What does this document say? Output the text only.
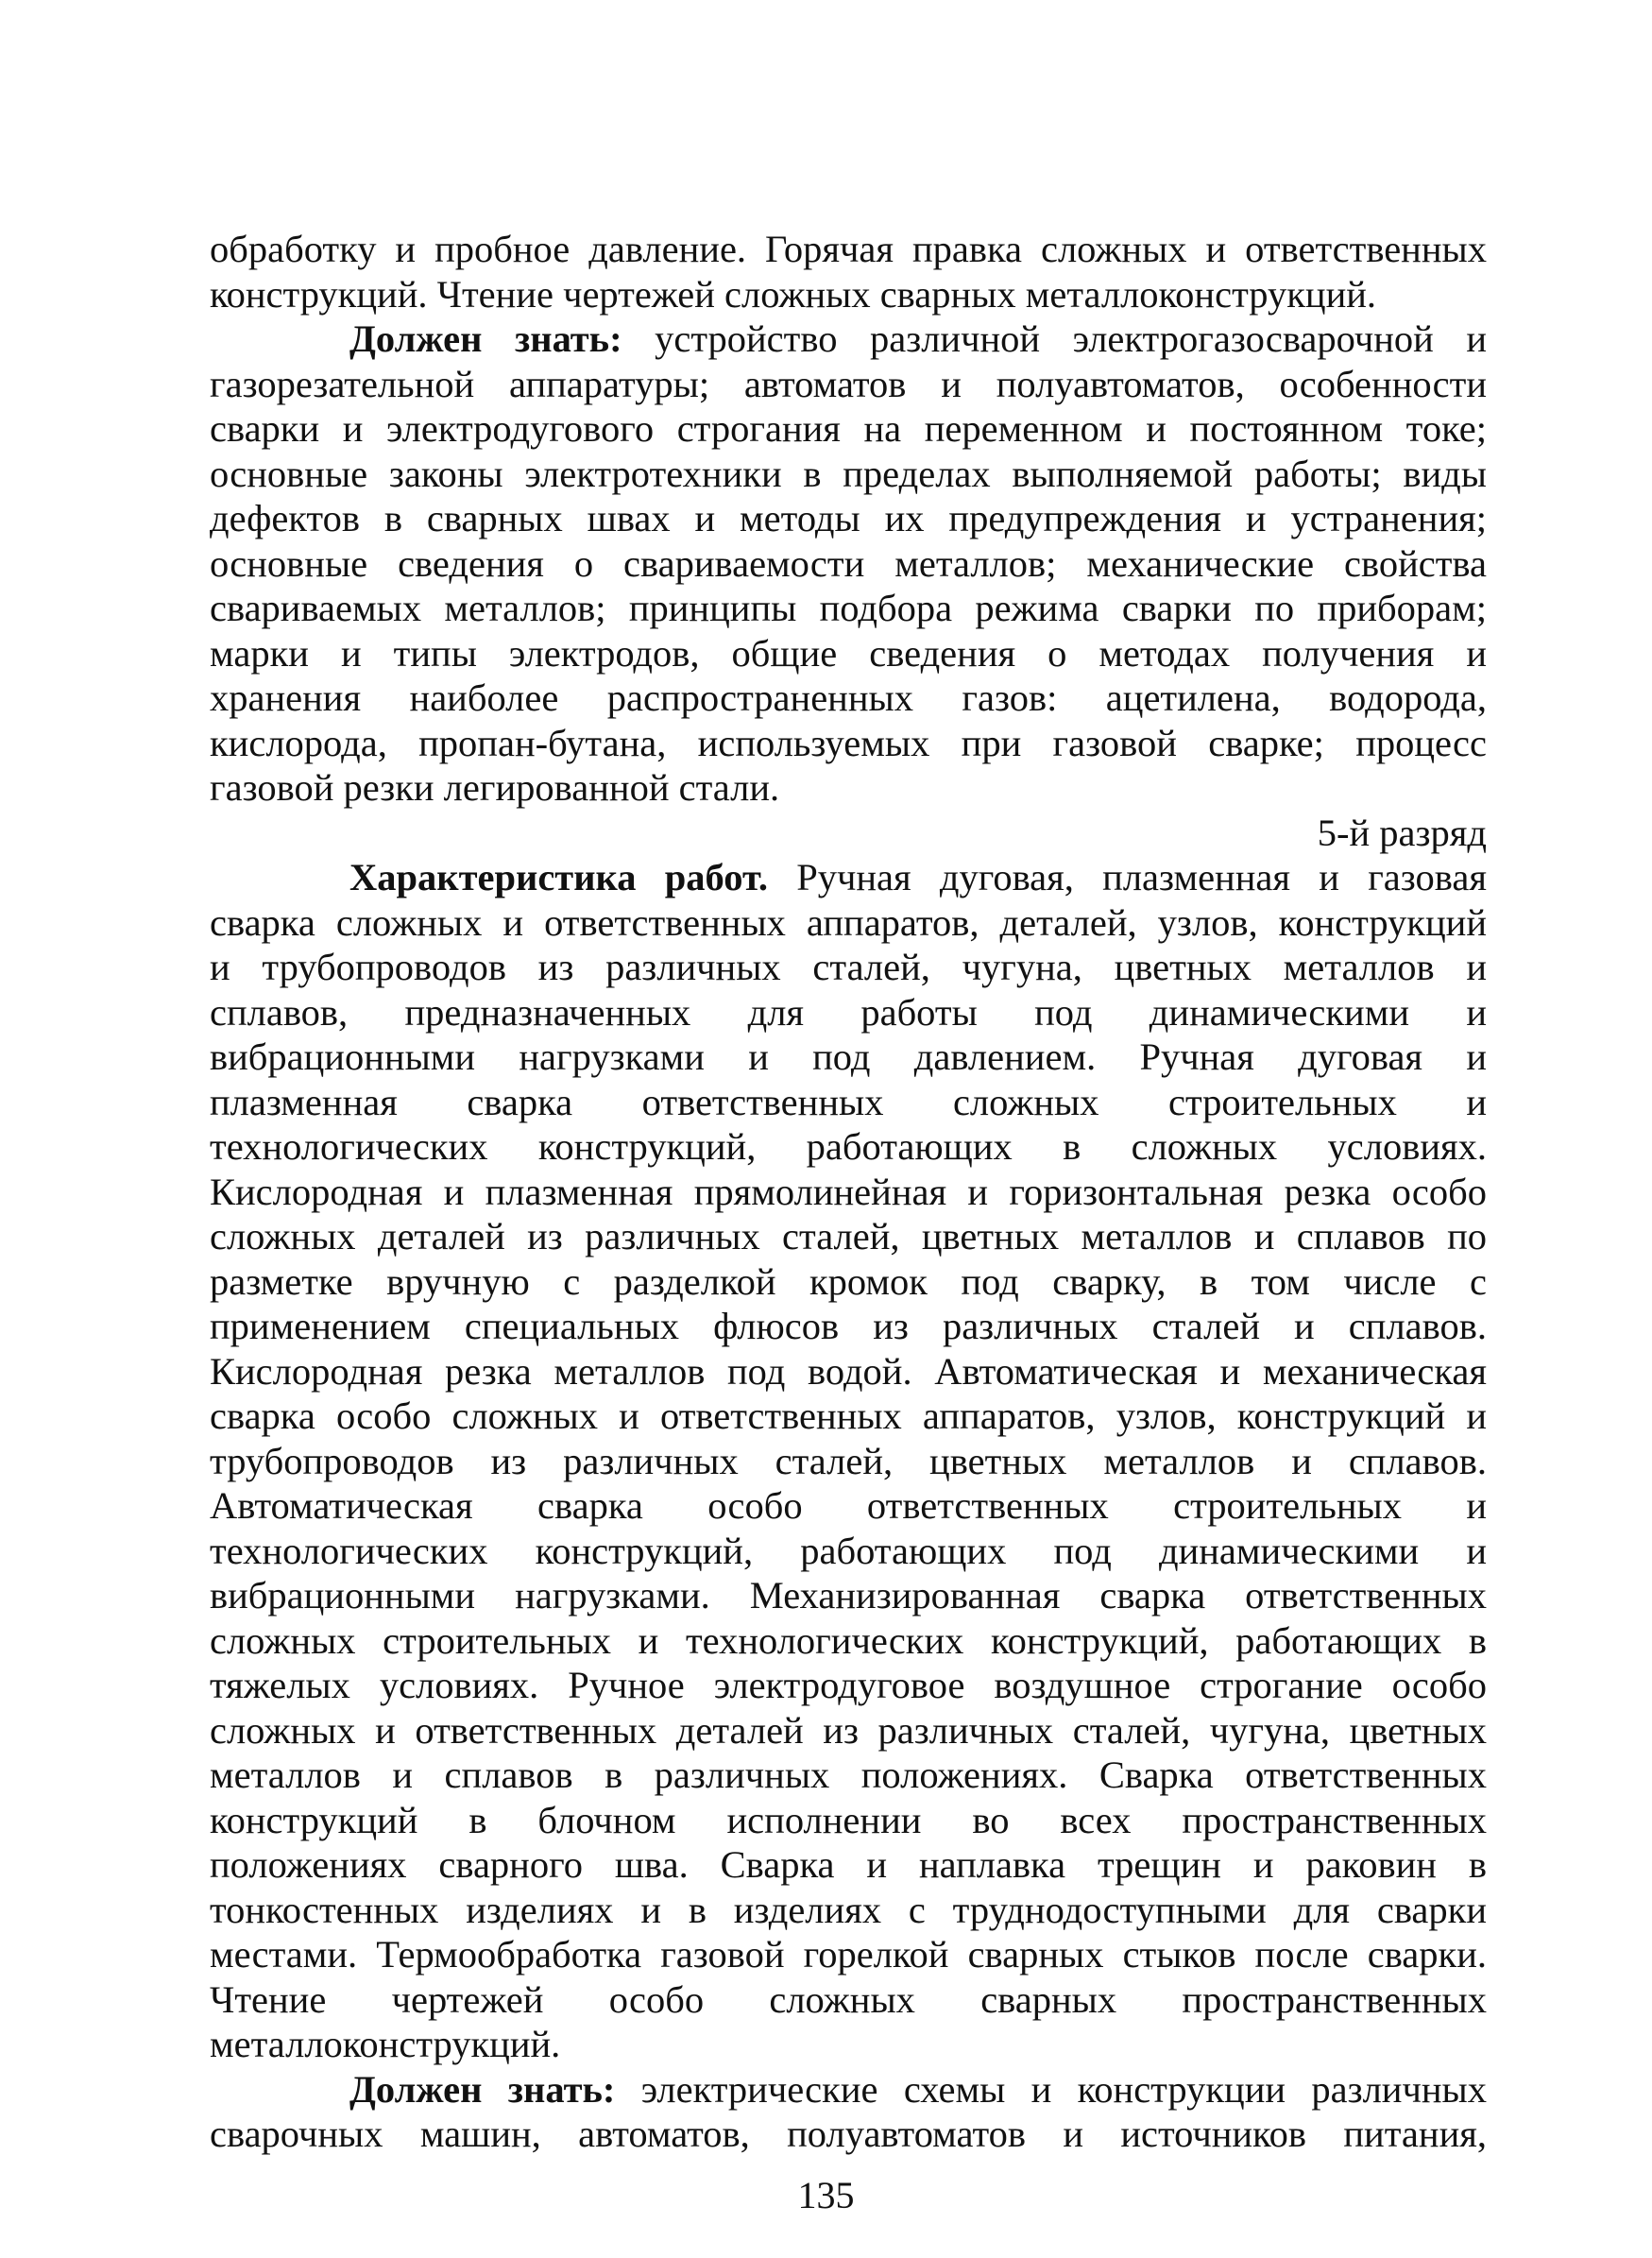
обработку и пробное давление. Горячая правка сложных и ответственных

конструкций. Чтение чертежей сложных сварных металлоконструкций.

Должен знать: устройство различной электрогазосварочной и

газорезательной аппаратуры; автоматов и полуавтоматов, особенности

сварки и электродугового строгания на переменном и постоянном токе;

основные законы электротехники в пределах выполняемой работы; виды

дефектов в сварных швах и методы их предупреждения и устранения;

основные сведения о свариваемости металлов; механические свойства

свариваемых металлов; принципы подбора режима сварки по приборам;

марки и типы электродов, общие сведения о методах получения и

хранения наиболее распространенных газов: ацетилена, водорода,

кислорода, пропан-бутана, используемых при газовой сварке; процесс

газовой резки легированной стали.

5-й разряд

Характеристика работ. Ручная дуговая, плазменная и газовая

сварка сложных и ответственных аппаратов, деталей, узлов, конструкций

и трубопроводов из различных сталей, чугуна, цветных металлов и

сплавов, предназначенных для работы под динамическими и

вибрационными нагрузками и под давлением. Ручная дуговая и

плазменная сварка ответственных сложных строительных и

технологических конструкций, работающих в сложных условиях.

Кислородная и плазменная прямолинейная и горизонтальная резка особо

сложных деталей из различных сталей, цветных металлов и сплавов по

разметке вручную с разделкой кромок под сварку, в том числе с

применением специальных флюсов из различных сталей и сплавов.

Кислородная резка металлов под водой. Автоматическая и механическая

сварка особо сложных и ответственных аппаратов, узлов, конструкций и

трубопроводов из различных сталей, цветных металлов и сплавов.

Автоматическая сварка особо ответственных строительных и

технологических конструкций, работающих под динамическими и

вибрационными нагрузками. Механизированная сварка ответственных

сложных строительных и технологических конструкций, работающих в

тяжелых условиях. Ручное электродуговое воздушное строгание особо

сложных и ответственных деталей из различных сталей, чугуна, цветных

металлов и сплавов в различных положениях. Сварка ответственных

конструкций в блочном исполнении во всех пространственных

положениях сварного шва. Сварка и наплавка трещин и раковин в

тонкостенных изделиях и в изделиях с труднодоступными для сварки

местами. Термообработка газовой горелкой сварных стыков после сварки.

Чтение чертежей особо сложных сварных пространственных

металлоконструкций.

Должен знать: электрические схемы и конструкции различных

сварочных машин, автоматов, полуавтоматов и источников питания,

135
